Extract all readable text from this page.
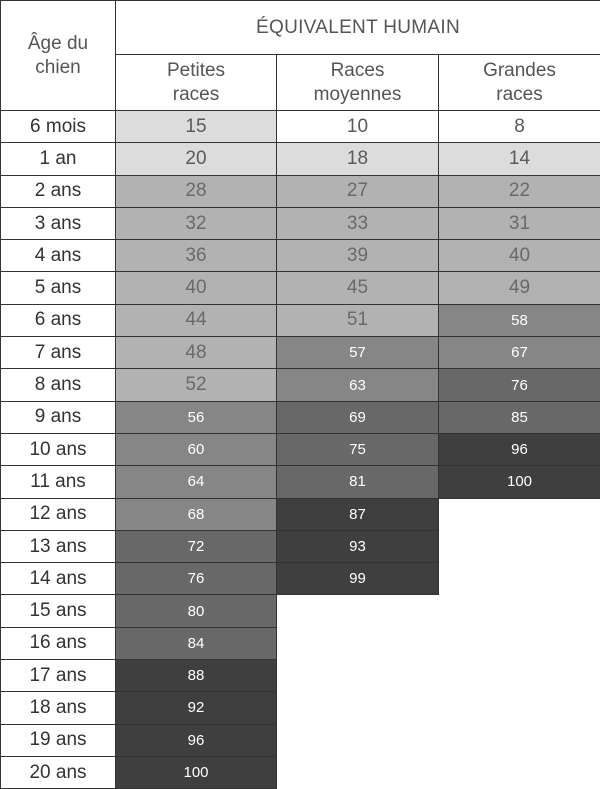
Âge du chien	ÉQUIVALENT HUMAIN		
	Petites races	Races moyennes	Grandes races
6 mois	15	10	8
1 an	20	18	14
2 ans	28	27	22
3 ans	32	33	31
4 ans	36	39	40
5 ans	40	45	49
6 ans	44	51	58
7 ans	48	57	67
8 ans	52	63	76
9 ans	56	69	85
10 ans	60	75	96
11 ans	64	81	100
12 ans	68	87	
13 ans	72	93	
14 ans	76	99	
15 ans	80		
16 ans	84		
17 ans	88		
18 ans	92		
19 ans	96		
20 ans	100		
